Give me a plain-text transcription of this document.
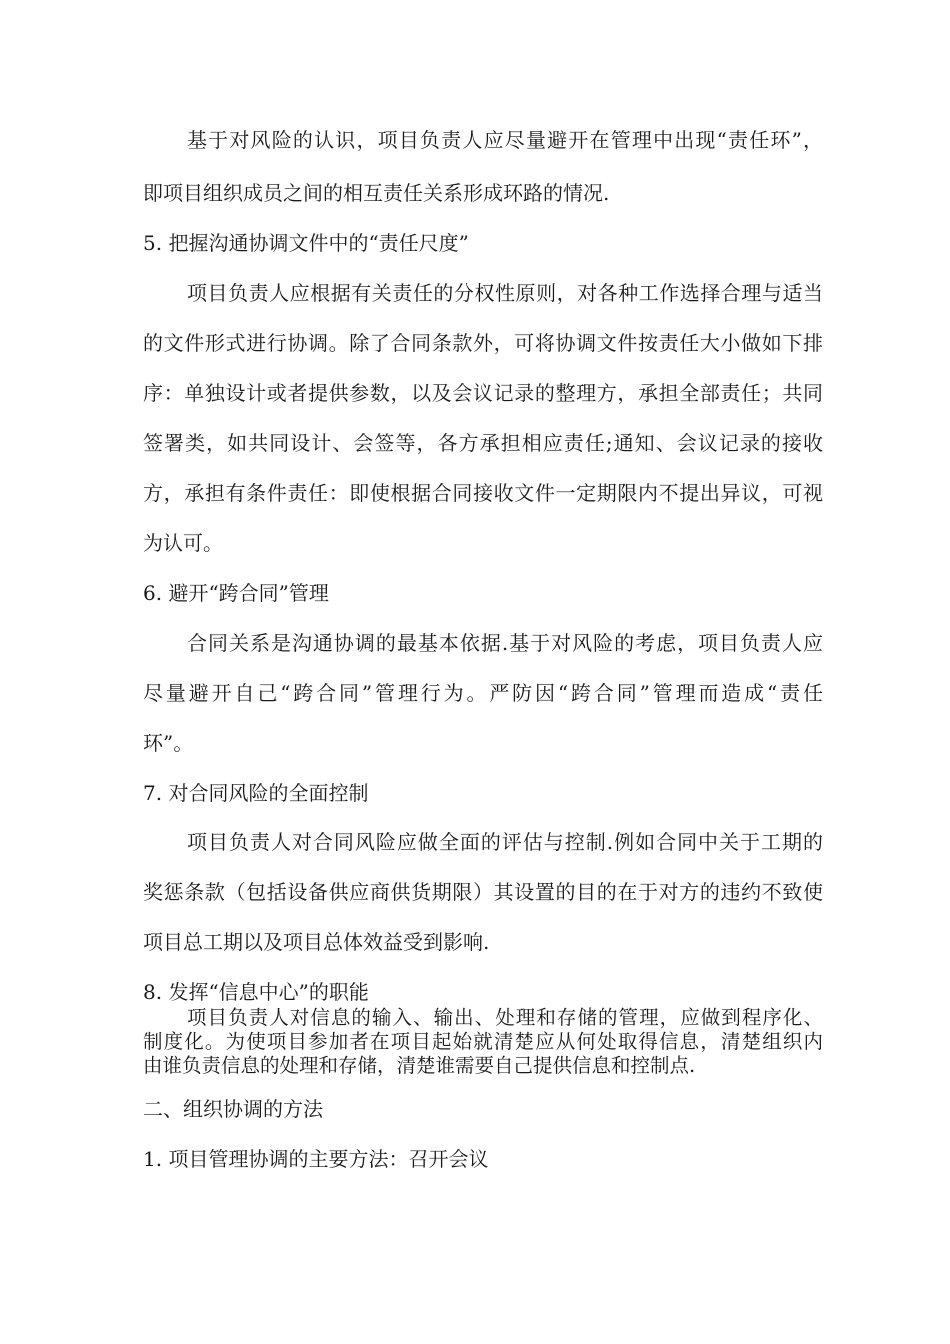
基于对风险的认识，项目负责人应尽量避开在管理中出现“责任环”，
即项目组织成员之间的相互责任关系形成环路的情况.
5. 把握沟通协调文件中的“责任尺度”
项目负责人应根据有关责任的分权性原则，对各种工作选择合理与适当
的文件形式进行协调。除了合同条款外，可将协调文件按责任大小做如下排
序：单独设计或者提供参数，以及会议记录的整理方，承担全部责任；共同
签署类，如共同设计、会签等，各方承担相应责任;通知、会议记录的接收
方，承担有条件责任：即使根据合同接收文件一定期限内不提出异议，可视
为认可。
6. 避开“跨合同”管理
合同关系是沟通协调的最基本依据.基于对风险的考虑，项目负责人应
尽量避开自己“跨合同”管理行为。严防因“跨合同”管理而造成“责任
环”。
7. 对合同风险的全面控制
项目负责人对合同风险应做全面的评估与控制.例如合同中关于工期的
奖惩条款（包括设备供应商供货期限）其设置的目的在于对方的违约不致使
项目总工期以及项目总体效益受到影响.
8. 发挥“信息中心”的职能
项目负责人对信息的输入、输出、处理和存储的管理，应做到程序化、
制度化。为使项目参加者在项目起始就清楚应从何处取得信息，清楚组织内
由谁负责信息的处理和存储，清楚谁需要自己提供信息和控制点.
二、组织协调的方法
1. 项目管理协调的主要方法：召开会议
